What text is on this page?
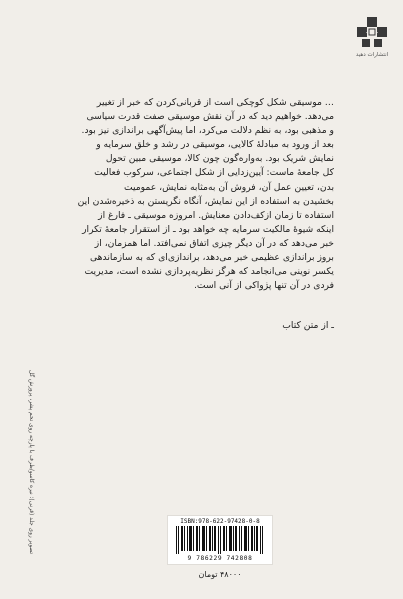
انتشارات دهید

… موسیقی شکل کوچکی است از قربانی‌کردن که خبر از تغییر

می‌دهد. خواهیم دید که در آن نقش موسیقی صفت قدرت سیاسی

و مذهبی بود، به نظم دلالت می‌کرد، اما پیش‌آگهی براندازی نیز بود.

بعد از ورود به مبادلهٔ کالایی، موسیقی در رشد و خلق سرمایه و

نمایش شریک بود. به‌واره‌گون چون کالا، موسیقی مبین تحول

کل جامعهٔ ماست: آیین‌زدایی از شکل اجتماعی، سرکوب فعالیت

بدن، تعیین عمل آن، فروش آن به‌مثابه نمایش، عمومیت

بخشیدن به استفاده از این نمایش، آنگاه نگریستن به ذخیره‌شدن این

استفاده تا زمان ازکف‌دادن معنایش. امروزه موسیقی ـ فارغ از

اینکه شیوهٔ مالکیت سرمایه چه خواهد بود ـ از استقرار جامعهٔ تکرار

خبر می‌دهد که در آن دیگر چیزی اتفاق نمی‌افتد. اما همزمان، از

بروز براندازی عظیمی خبر می‌دهد، براندازی‌ای که به سازماندهی

یکسر نوینی می‌انجامد که هرگز نظریه‌پردازی نشده است، مدیریت

فردی در آن تنها پژواکی از آنی است.

ـ از متن کتاب
تصویر روی جلد (قرنی): نیره کاسو/ظرف با پارچه روی تخم پشر، پرورش گل	ISBN:978-622-97428-0-8
9 786229 742808
۴۸۰۰۰ تومان
